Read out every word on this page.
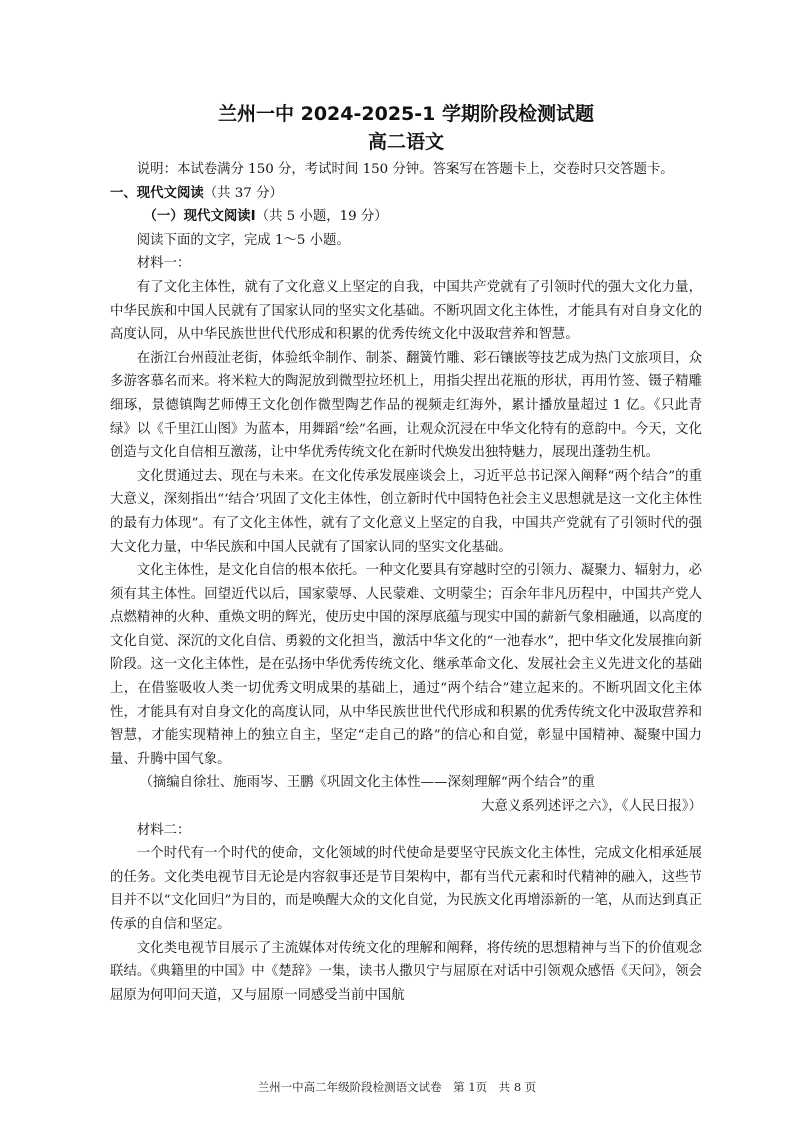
兰州一中 2024-2025-1 学期阶段检测试题
高二语文

说明：本试卷满分 150 分，考试时间 150 分钟。答案写在答题卡上，交卷时只交答题卡。

一、现代文阅读（共 37 分）

（一）现代文阅读Ⅰ（共 5 小题，19 分）

阅读下面的文字，完成 1～5 小题。

材料一：

有了文化主体性，就有了文化意义上坚定的自我，中国共产党就有了引领时代的强大文化力量，中华民族和中国人民就有了国家认同的坚实文化基础。不断巩固文化主体性，才能具有对自身文化的高度认同，从中华民族世世代代形成和积累的优秀传统文化中汲取营养和智慧。

在浙江台州葭沚老街，体验纸伞制作、制茶、翻簧竹雕、彩石镶嵌等技艺成为热门文旅项目，众多游客慕名而来。将米粒大的陶泥放到微型拉坯机上，用指尖捏出花瓶的形状，再用竹签、镊子精雕细琢，景德镇陶艺师傅王文化创作微型陶艺作品的视频走红海外，累计播放量超过 1 亿。《只此青绿》以《千里江山图》为蓝本，用舞蹈“绘”名画，让观众沉浸在中华文化特有的意韵中。今天，文化创造与文化自信相互激荡，让中华优秀传统文化在新时代焕发出独特魅力，展现出蓬勃生机。

文化贯通过去、现在与未来。在文化传承发展座谈会上，习近平总书记深入阐释“两个结合”的重大意义，深刻指出“‘结合’巩固了文化主体性，创立新时代中国特色社会主义思想就是这一文化主体性的最有力体现”。有了文化主体性，就有了文化意义上坚定的自我，中国共产党就有了引领时代的强大文化力量，中华民族和中国人民就有了国家认同的坚实文化基础。

文化主体性，是文化自信的根本依托。一种文化要具有穿越时空的引领力、凝聚力、辐射力，必须有其主体性。回望近代以后，国家蒙辱、人民蒙难、文明蒙尘；百余年非凡历程中，中国共产党人点燃精神的火种、重焕文明的辉光，使历史中国的深厚底蕴与现实中国的薪新气象相融通，以高度的文化自觉、深沉的文化自信、勇毅的文化担当，激活中华文化的“一池春水”，把中华文化发展推向新阶段。这一文化主体性，是在弘扬中华优秀传统文化、继承革命文化、发展社会主义先进文化的基础上，在借鉴吸收人类一切优秀文明成果的基础上，通过“两个结合”建立起来的。不断巩固文化主体性，才能具有对自身文化的高度认同，从中华民族世世代代形成和积累的优秀传统文化中汲取营养和智慧，才能实现精神上的独立自主，坚定“走自己的路”的信心和自觉，彰显中国精神、凝聚中国力量、升腾中国气象。

（摘编自徐壮、施雨岑、王鹏《巩固文化主体性——深刻理解“两个结合”的重

大意义系列述评之六》，《人民日报》）

材料二：

一个时代有一个时代的使命，文化领域的时代使命是要坚守民族文化主体性，完成文化相承延展的任务。文化类电视节目无论是内容叙事还是节目架构中，都有当代元素和时代精神的融入，这些节目并不以“文化回归”为目的，而是唤醒大众的文化自觉，为民族文化再增添新的一笔，从而达到真正传承的自信和坚定。

文化类电视节目展示了主流媒体对传统文化的理解和阐释，将传统的思想精神与当下的价值观念联结。《典籍里的中国》中《楚辞》一集，读书人撒贝宁与屈原在对话中引领观众感悟《天问》，领会屈原为何叩问天道，又与屈原一同感受当前中国航

兰州一中高二年级阶段检测语文试卷　第 1页　共 8 页
